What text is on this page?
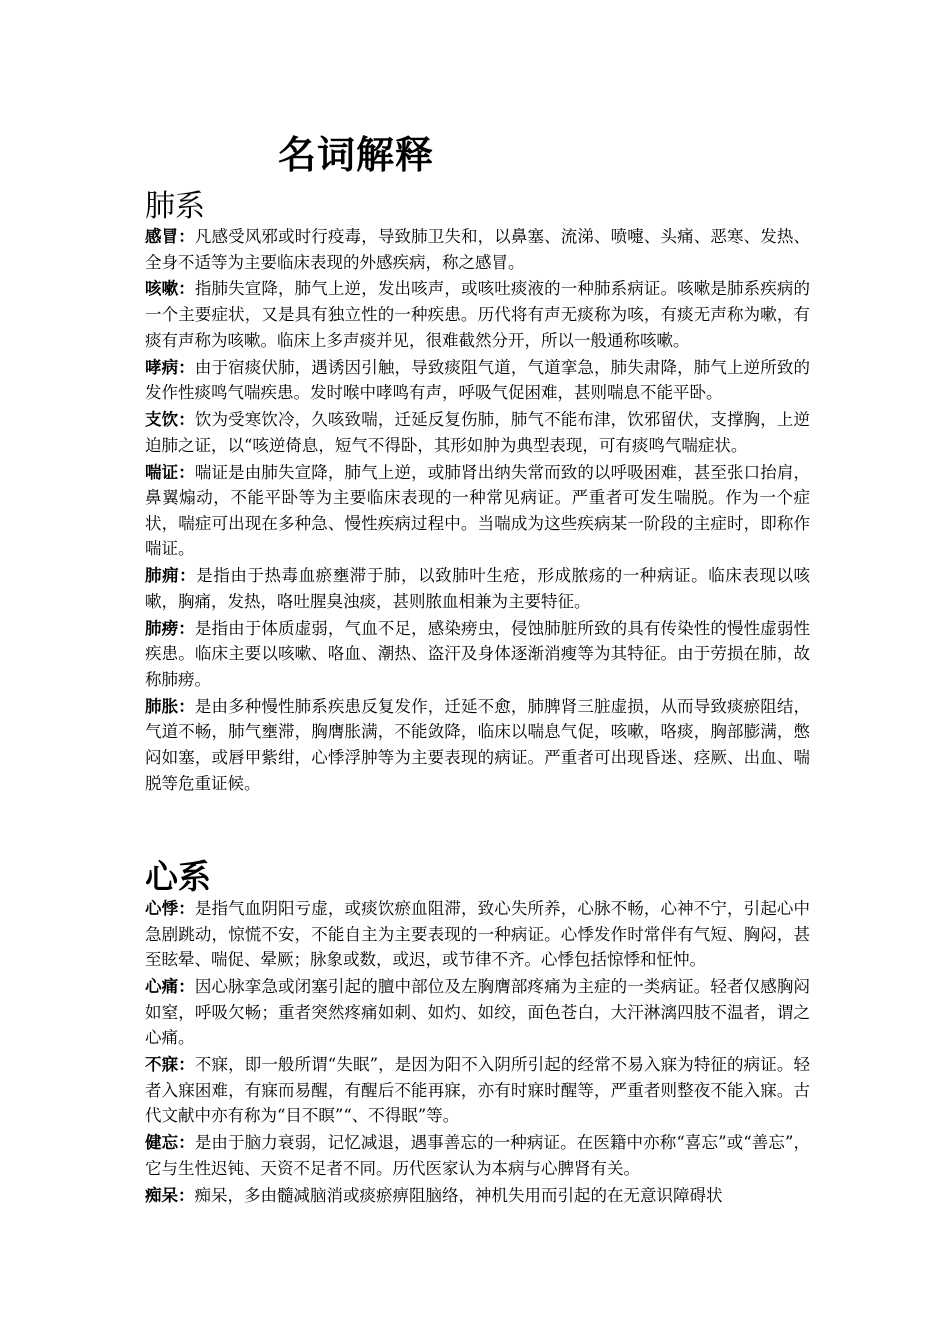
名词解释
肺系

感冒：凡感受风邪或时行疫毒，导致肺卫失和，以鼻塞、流涕、喷嚏、头痛、恶寒、发热、全身不适等为主要临床表现的外感疾病，称之感冒。

咳嗽：指肺失宣降，肺气上逆，发出咳声，或咳吐痰液的一种肺系病证。咳嗽是肺系疾病的一个主要症状，又是具有独立性的一种疾患。历代将有声无痰称为咳，有痰无声称为嗽，有痰有声称为咳嗽。临床上多声痰并见，很难截然分开，所以一般通称咳嗽。

哮病：由于宿痰伏肺，遇诱因引触，导致痰阻气道，气道挛急，肺失肃降，肺气上逆所致的发作性痰鸣气喘疾患。发时喉中哮鸣有声，呼吸气促困难，甚则喘息不能平卧。

支饮：饮为受寒饮冷，久咳致喘，迁延反复伤肺，肺气不能布津，饮邪留伏，支撑胸，上逆迫肺之证，以“咳逆倚息，短气不得卧，其形如肿为典型表现，可有痰鸣气喘症状。

喘证：喘证是由肺失宣降，肺气上逆，或肺肾出纳失常而致的以呼吸困难，甚至张口抬肩，鼻翼煽动，不能平卧等为主要临床表现的一种常见病证。严重者可发生喘脱。作为一个症状，喘症可出现在多种急、慢性疾病过程中。当喘成为这些疾病某一阶段的主症时，即称作喘证。

肺痈：是指由于热毒血瘀壅滞于肺，以致肺叶生疮，形成脓疡的一种病证。临床表现以咳嗽，胸痛，发热，咯吐腥臭浊痰，甚则脓血相兼为主要特征。

肺痨：是指由于体质虚弱，气血不足，感染痨虫，侵蚀肺脏所致的具有传染性的慢性虚弱性疾患。临床主要以咳嗽、咯血、潮热、盗汗及身体逐渐消瘦等为其特征。由于劳损在肺，故称肺痨。

肺胀：是由多种慢性肺系疾患反复发作，迁延不愈，肺脾肾三脏虚损，从而导致痰瘀阻结，气道不畅，肺气壅滞，胸膺胀满，不能敛降，临床以喘息气促，咳嗽，咯痰，胸部膨满，憋闷如塞，或唇甲紫绀，心悸浮肿等为主要表现的病证。严重者可出现昏迷、痉厥、出血、喘脱等危重证候。

心系

心悸：是指气血阴阳亏虚，或痰饮瘀血阻滞，致心失所养，心脉不畅，心神不宁，引起心中急剧跳动，惊慌不安，不能自主为主要表现的一种病证。心悸发作时常伴有气短、胸闷，甚至眩晕、喘促、晕厥；脉象或数，或迟，或节律不齐。心悸包括惊悸和怔忡。

心痛：因心脉挛急或闭塞引起的膻中部位及左胸膺部疼痛为主症的一类病证。轻者仅感胸闷如窒，呼吸欠畅；重者突然疼痛如刺、如灼、如绞，面色苍白，大汗淋漓四肢不温者，谓之心痛。

不寐：不寐，即一般所谓“失眠”，是因为阳不入阴所引起的经常不易入寐为特征的病证。轻者入寐困难，有寐而易醒，有醒后不能再寐，亦有时寐时醒等，严重者则整夜不能入寐。古代文献中亦有称为“目不瞑”“、不得眠”等。

健忘：是由于脑力衰弱，记忆减退，遇事善忘的一种病证。在医籍中亦称“喜忘”或“善忘”，它与生性迟钝、天资不足者不同。历代医家认为本病与心脾肾有关。

痴呆：痴呆，多由髓减脑消或痰瘀痹阻脑络，神机失用而引起的在无意识障碍状
